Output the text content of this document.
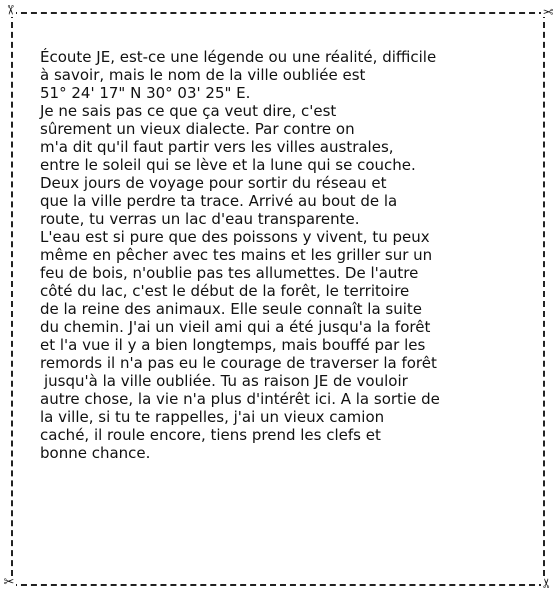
✂	✂
✂	✂
Écoute JE, est-ce une légende ou une réalité, difficile
à savoir, mais le nom de la ville oubliée est
51° 24' 17" N 30° 03' 25" E.
Je ne sais pas ce que ça veut dire, c'est
sûrement un vieux dialecte. Par contre on
m'a dit qu'il faut partir vers les villes australes,
entre le soleil qui se lève et la lune qui se couche.
Deux jours de voyage pour sortir du réseau et
que la ville perdre ta trace. Arrivé au bout de la
route, tu verras un lac d'eau transparente.
L'eau est si pure que des poissons y vivent, tu peux
même en pêcher avec tes mains et les griller sur un
feu de bois, n'oublie pas tes allumettes. De l'autre
côté du lac, c'est le début de la forêt, le territoire
de la reine des animaux. Elle seule connaît la suite
du chemin. J'ai un vieil ami qui a été jusqu'a la forêt
et l'a vue il y a bien longtemps, mais bouffé par les
remords il n'a pas eu le courage de traverser la forêt
jusqu'à la ville oubliée. Tu as raison JE de vouloir
autre chose, la vie n'a plus d'intérêt ici. A la sortie de
la ville, si tu te rappelles, j'ai un vieux camion
caché, il roule encore, tiens prend les clefs et
bonne chance.
